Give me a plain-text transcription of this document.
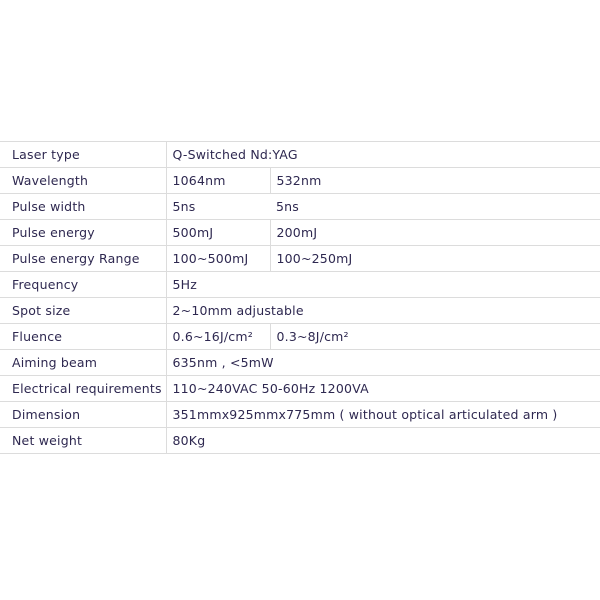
Laser type	Q-Switched Nd:YAG	
Wavelength	1064nm	532nm
Pulse width	5ns	5ns
Pulse energy	500mJ	200mJ
Pulse energy Range	100~500mJ	100~250mJ
Frequency	5Hz	
Spot size	2~10mm adjustable	
Fluence	0.6~16J/cm²	0.3~8J/cm²
Aiming beam	635nm , <5mW	
Electrical requirements	110~240VAC 50-60Hz 1200VA	
Dimension	351mmx925mmx775mm ( without optical articulated arm )	
Net weight	80Kg	
